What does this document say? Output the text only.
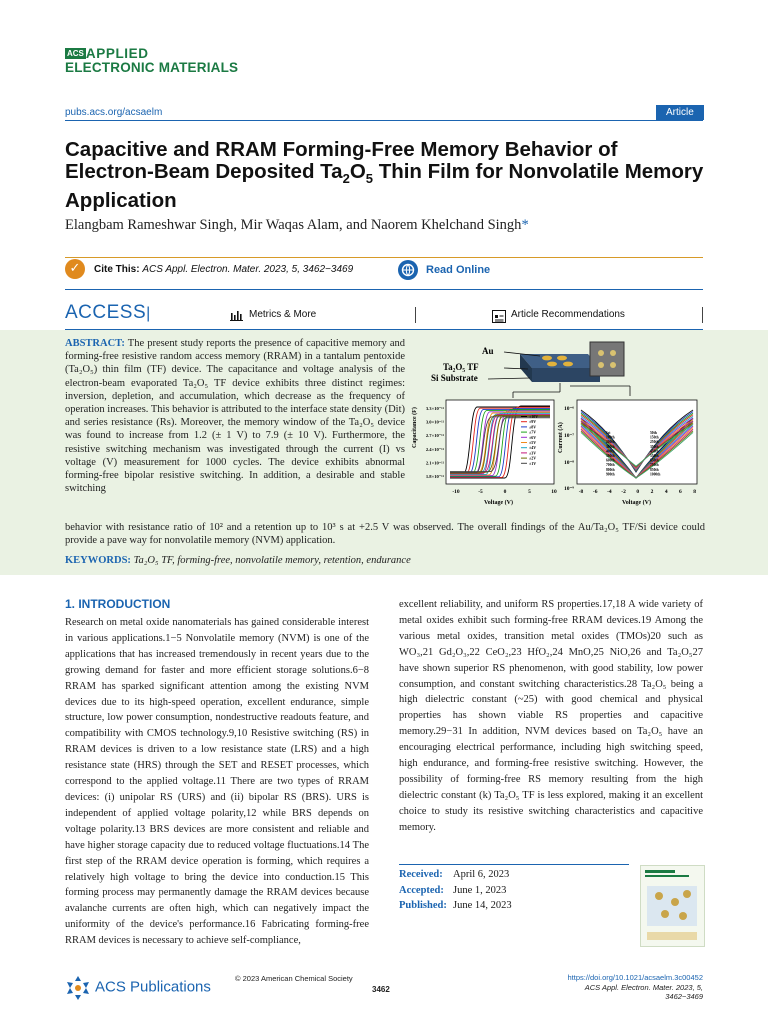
ACS APPLIED
ELECTRONIC MATERIALS
pubs.acs.org/acsaelm	Article
Capacitive and RRAM Forming-Free Memory Behavior of Electron-Beam Deposited $Ta_2O_5$ Thin Film for Nonvolatile Memory Application
Elangbam Rameshwar Singh, Mir Waqas Alam, and Naorem Khelchand Singh*
✓	Cite This: ACS Appl. Electron. Mater. 2023, 5, 3462−3469	Read Online
ACCESS|	Metrics & More	Article Recommendations
ABSTRACT: The present study reports the presence of capacitive memory and forming-free resistive random access memory (RRAM) in a tantalum pentoxide (Ta₂O₅) thin film (TF) device. The capacitance and voltage analysis of the electron-beam evaporated Ta₂O₅ TF device exhibits three distinct regimes: inversion, depletion, and accumulation, which decrease as the frequency of operation increases. This behavior is attributed to the interface state density (Dit) and series resistance (Rs). Moreover, the memory window of the Ta₂O₅ device was found to increase from 1.2 (± 1 V) to 7.9 (± 10 V). Furthermore, the resistive switching mechanism was investigated through the current (I) vs voltage (V) measurement for 1000 cycles. The device exhibits abnormal forming-free bipolar resistive switching. In addition, a desirable and stable switching
behavior with resistance ratio of 10² and a retention up to 10³ s at +2.5 V was observed. The overall findings of the Au/Ta₂O₅ TF/Si device could provide a pave way for nonvolatile memory (NVM) application.
KEYWORDS: Ta₂O₅ TF, forming-free, nonvolatile memory, retention, endurance
Au
Ta₂O₅ TF
Si Substrate
Capacitance (F)
Voltage (V)
3.3×10⁻¹¹
3.0×10⁻¹¹
2.7×10⁻¹¹
2.4×10⁻¹¹
2.1×10⁻¹¹
1.8×10⁻¹¹
-10	-5	0	5	10
±10V
±9V
±8V
±7V
±6V
±5V
±4V
±3V
±2V
±1V
Current (A)
Voltage (V)
10⁻⁶
10⁻⁷
10⁻⁸
10⁻⁹ -8 -6 -4 -2 0 2 4 6 8
1st
100th
200th
300th
400th
500th
600th
700th
800th
900th
50th
150th
250th
350th
450th
550th
650th
750th
850th
1000th
1. INTRODUCTION
Research on metal oxide nanomaterials has gained considerable interest in various applications.1−5 Nonvolatile memory (NVM) is one of the applications that has increased tremendously in recent years due to the growing demand for faster and more efficient storage solutions.6−8 RRAM has sparked significant attention among the existing NVM devices due to its high-speed operation, excellent endurance, simple structure, low power consumption, nondestructive readouts feature, and compatibility with CMOS technology.9,10 Resistive switching (RS) in RRAM devices is driven to a low resistance state (LRS) and a high resistance state (HRS) through the SET and RESET processes, which correspond to the applied voltage.11 There are two types of RRAM devices: (i) unipolar RS (URS) and (ii) bipolar RS (BRS). URS is independent of applied voltage polarity,12 while BRS depends on voltage polarity.13 BRS devices are more consistent and reliable and have higher storage capacity due to reduced voltage fluctuations.14 The first step of the RRAM device operation is forming, which requires a relatively high voltage to bring the device into conduction.15 This forming process may permanently damage the RRAM devices because avalanche currents are often high, which can negatively impact the uniformity of the device's performance.16 Fabricating forming-free RRAM devices is necessary to achieve self-compliance,
excellent reliability, and uniform RS properties.17,18 A wide variety of metal oxides exhibit such forming-free RRAM devices.19 Among the various metal oxides, transition metal oxides (TMOs)20 such as WO₃,21 Gd₂O₃,22 CeO₂,23 HfO₂,24 MnO,25 NiO,26 and Ta₂O₅27 have shown superior RS phenomenon, with good stability, low power consumption, and constant switching characteristics.28 Ta₂O₅ being a high dielectric constant (~25) with good chemical and physical properties has shown viable RS properties and capacitive memory.29−31 In addition, NVM devices based on Ta₂O₅ have an encouraging electrical performance, including high switching speed, high endurance, and forming-free resistive switching. However, the possibility of forming-free RS memory resulting from the high dielectric constant (k) Ta₂O₅ TF is less explored, making it an excellent choice to study its resistive switching characteristics and capacitive memory.
Received: April 6, 2023
Accepted: June 1, 2023
Published: June 14, 2023
ACS Publications
© 2023 American Chemical Society
3462
https://doi.org/10.1021/acsaelm.3c00452
ACS Appl. Electron. Mater. 2023, 5, 3462−3469
